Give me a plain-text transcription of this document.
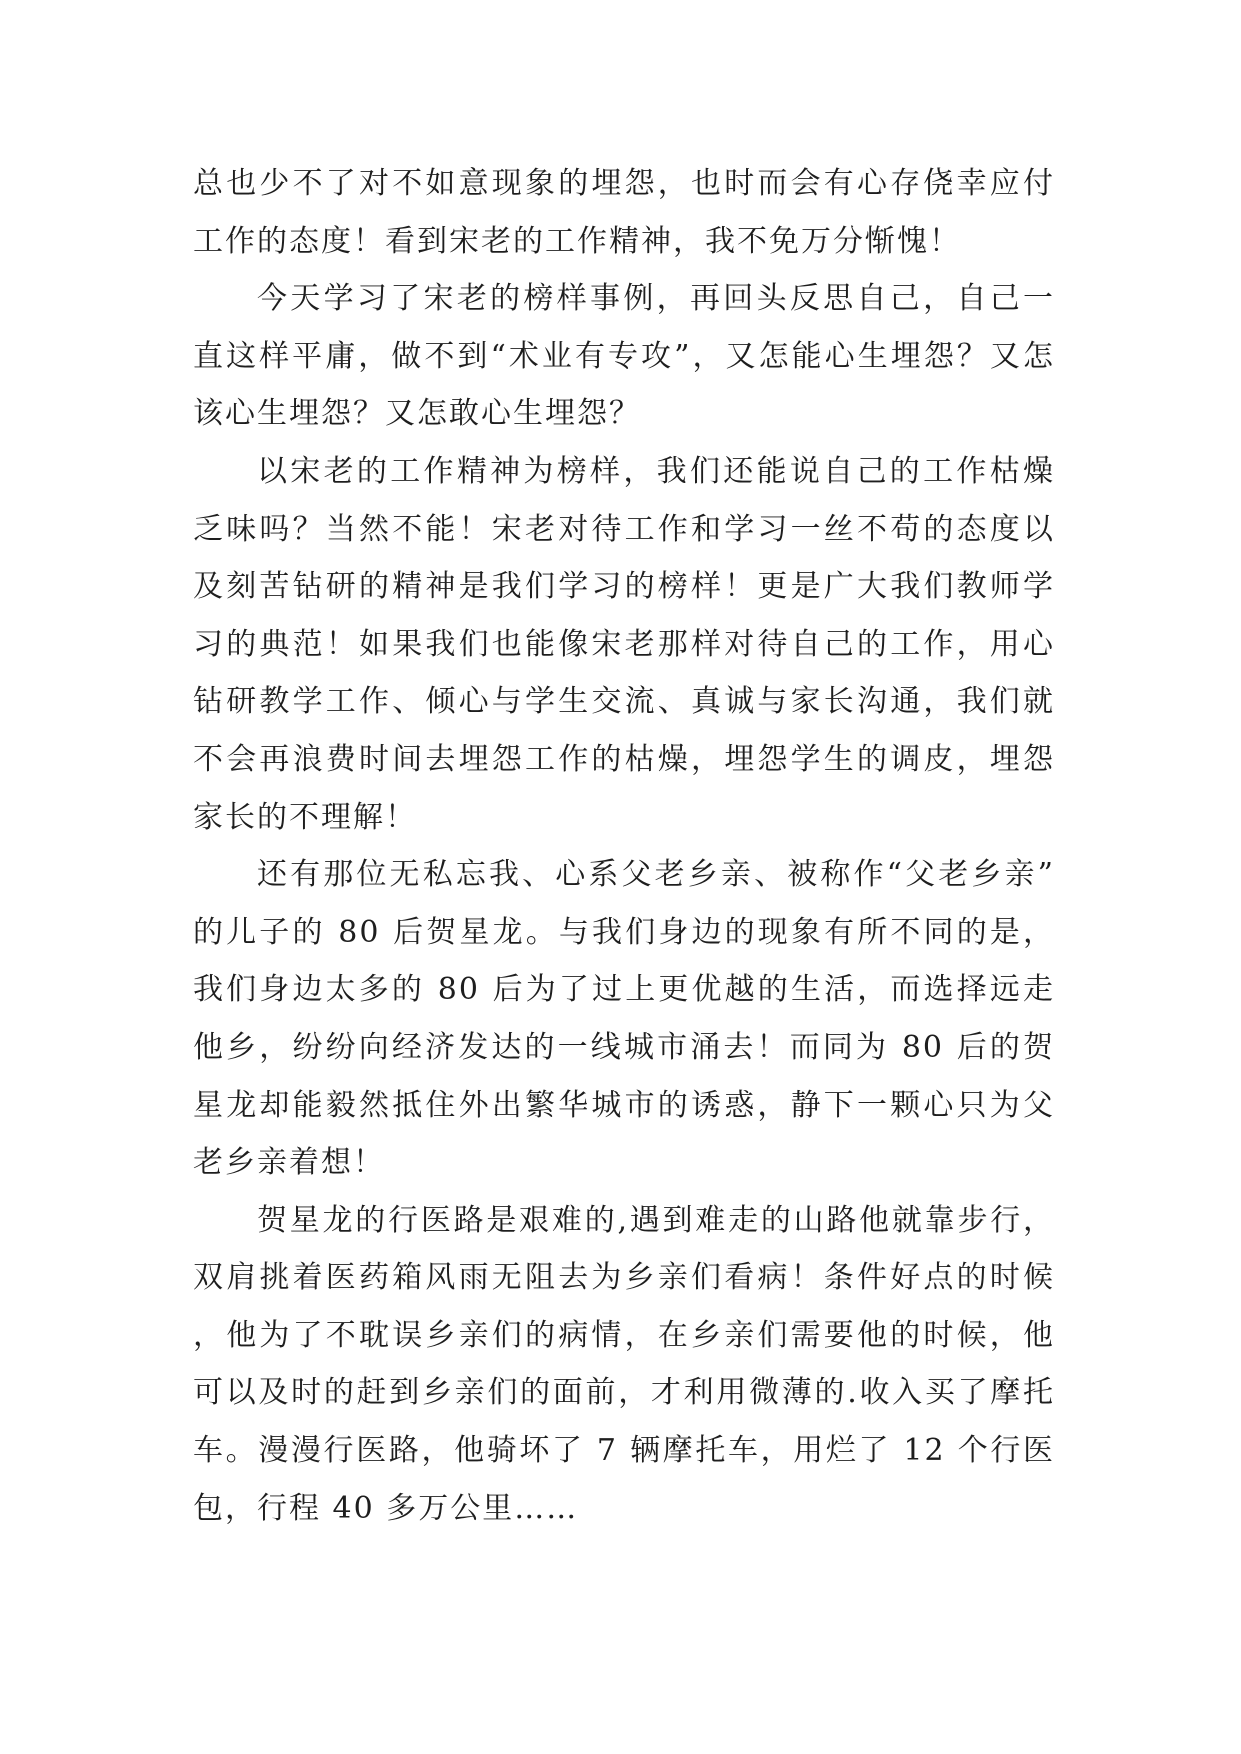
总也少不了对不如意现象的埋怨，也时而会有心存侥幸应付工作的态度！看到宋老的工作精神，我不免万分惭愧！

今天学习了宋老的榜样事例，再回头反思自己，自己一直这样平庸，做不到“术业有专攻”，又怎能心生埋怨？又怎该心生埋怨？又怎敢心生埋怨？

以宋老的工作精神为榜样，我们还能说自己的工作枯燥乏味吗？当然不能！宋老对待工作和学习一丝不苟的态度以及刻苦钻研的精神是我们学习的榜样！更是广大我们教师学习的典范！如果我们也能像宋老那样对待自己的工作，用心钻研教学工作、倾心与学生交流、真诚与家长沟通，我们就不会再浪费时间去埋怨工作的枯燥，埋怨学生的调皮，埋怨家长的不理解！

还有那位无私忘我、心系父老乡亲、被称作“父老乡亲”的儿子的 80 后贺星龙。与我们身边的现象有所不同的是，我们身边太多的 80 后为了过上更优越的生活，而选择远走他乡，纷纷向经济发达的一线城市涌去！而同为 80 后的贺星龙却能毅然抵住外出繁华城市的诱惑，静下一颗心只为父老乡亲着想！

贺星龙的行医路是艰难的,遇到难走的山路他就靠步行，双肩挑着医药箱风雨无阻去为乡亲们看病！条件好点的时候，他为了不耽误乡亲们的病情，在乡亲们需要他的时候，他可以及时的赶到乡亲们的面前，才利用微薄的.收入买了摩托车。漫漫行医路，他骑坏了 7 辆摩托车，用烂了 12 个行医包，行程 40 多万公里……
